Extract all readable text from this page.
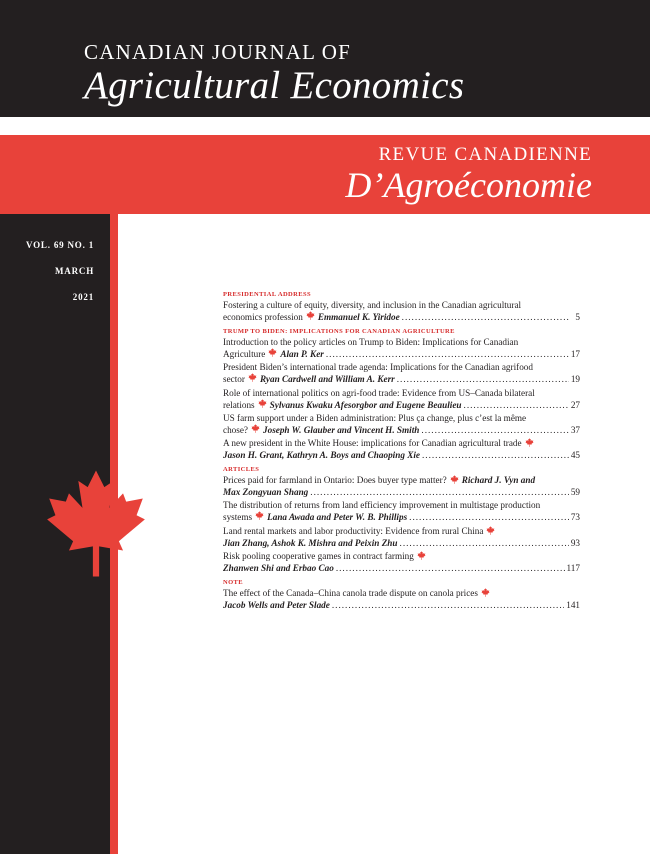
CANADIAN JOURNAL OF
Agricultural Economics
REVUE CANADIENNE
D’Agroéconomie
VOL. 69 NO. 1
MARCH
2021	PRESIDENTIAL ADDRESS
Fostering a culture of equity, diversity, and inclusion in the Canadian agricultural
economics profession Emmanuel K. Yiridoe .....	5
TRUMP TO BIDEN: IMPLICATIONS FOR CANADIAN AGRICULTURE
Introduction to the policy articles on Trump to Biden: Implications for Canadian
Agriculture Alan P. Ker .....	17
President Biden’s international trade agenda: Implications for the Canadian agrifood
sector Ryan Cardwell and William A. Kerr .....	19
Role of international politics on agri-food trade: Evidence from US–Canada bilateral
relations Sylvanus Kwaku Afesorgbor and Eugene Beaulieu .....	27
US farm support under a Biden administration: Plus ça change, plus c’est la même
chose? Joseph W. Glauber and Vincent H. Smith .....	37
A new president in the White House: implications for Canadian agricultural trade
Jason H. Grant, Kathryn A. Boys and Chaoping Xie .....	45
ARTICLES
Prices paid for farmland in Ontario: Does buyer type matter? Richard J. Vyn and
Max Zongyuan Shang .....	59
The distribution of returns from land efficiency improvement in multistage production
systems Lana Awada and Peter W. B. Phillips .....	73
Land rental markets and labor productivity: Evidence from rural China
Jian Zhang, Ashok K. Mishra and Peixin Zhu .....	93
Risk pooling cooperative games in contract farming
Zhanwen Shi and Erbao Cao .....	117
NOTE
The effect of the Canada–China canola trade dispute on canola prices
Jacob Wells and Peter Slade .....	141
